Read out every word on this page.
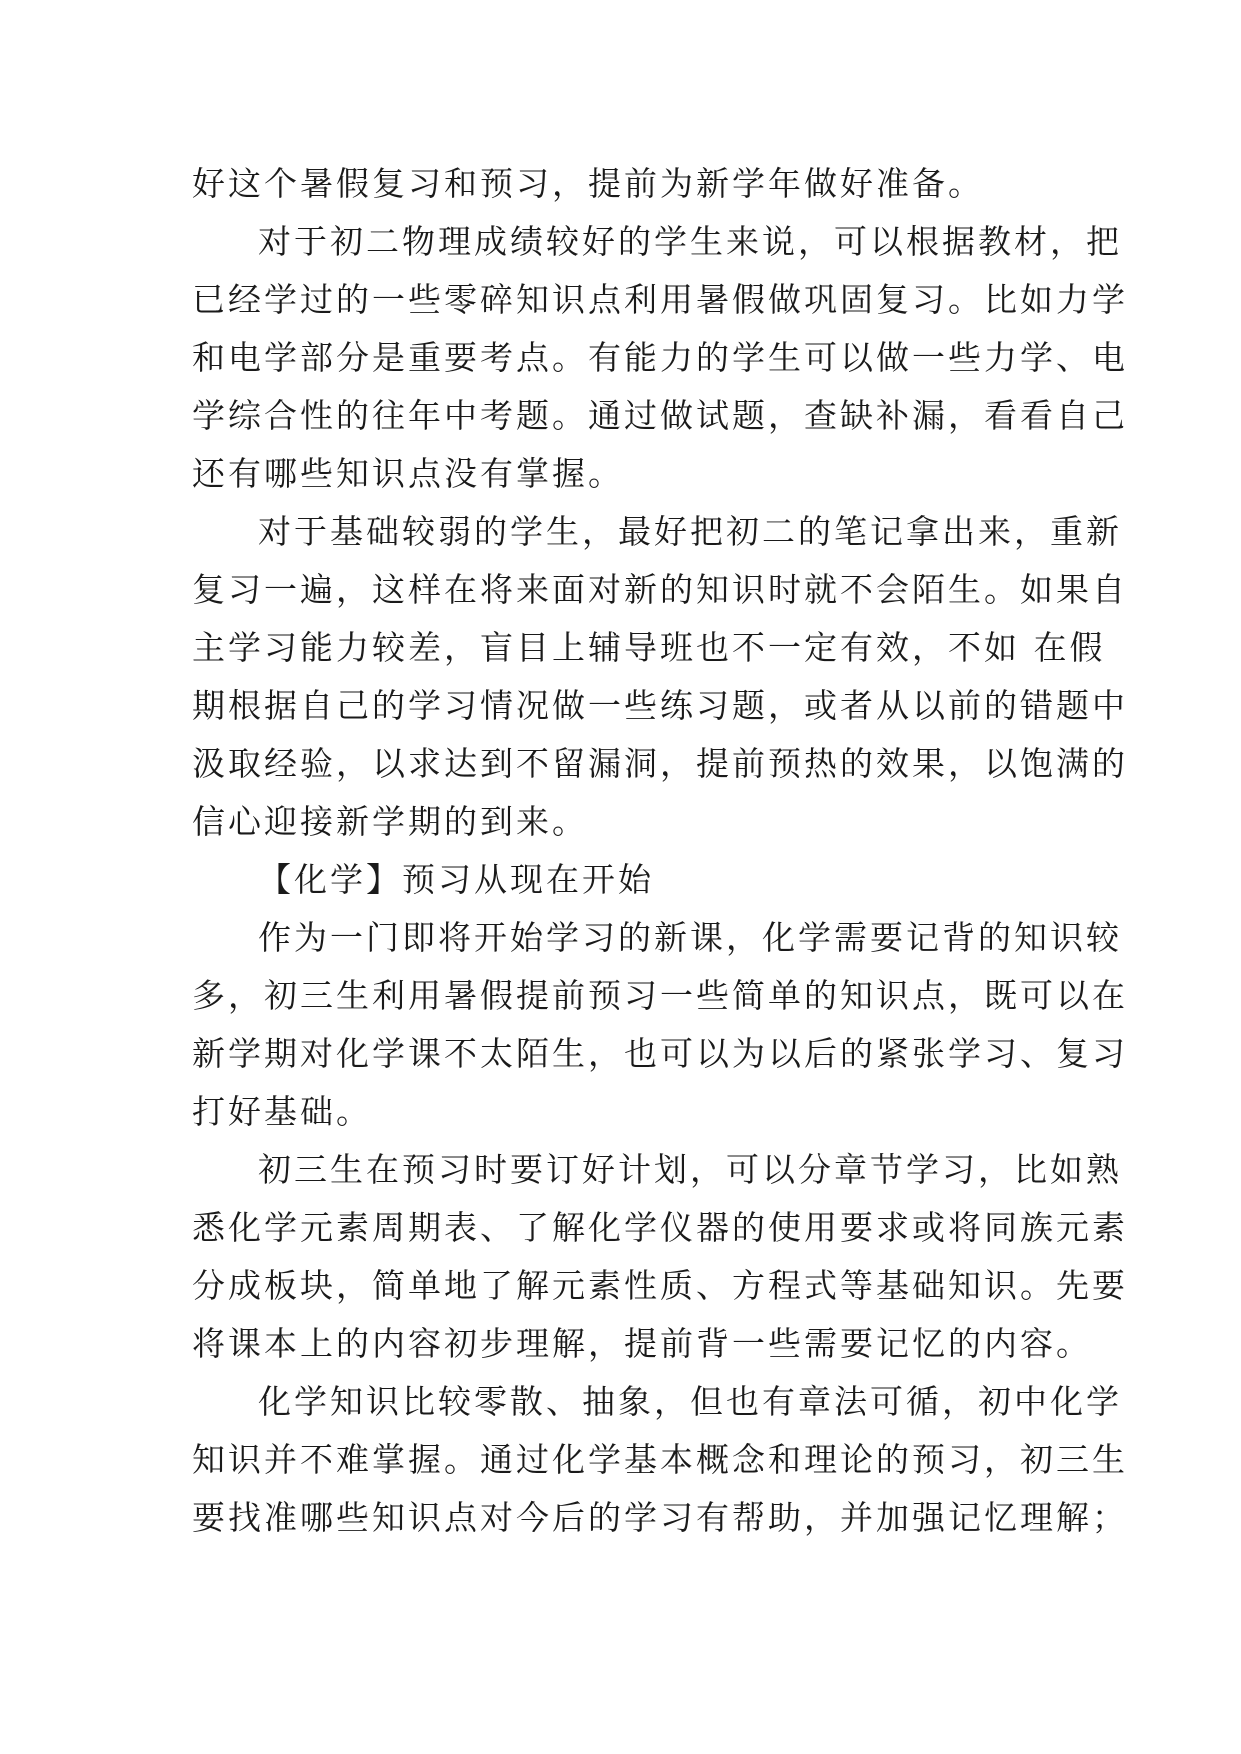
好这个暑假复习和预习，提前为新学年做好准备。
对于初二物理成绩较好的学生来说，可以根据教材，把
已经学过的一些零碎知识点利用暑假做巩固复习。比如力学
和电学部分是重要考点。有能力的学生可以做一些力学、电
学综合性的往年中考题。通过做试题，查缺补漏，看看自己
还有哪些知识点没有掌握。
对于基础较弱的学生，最好把初二的笔记拿出来，重新
复习一遍，这样在将来面对新的知识时就不会陌生。如果自
主学习能力较差，盲目上辅导班也不一定有效，不如 在假
期根据自己的学习情况做一些练习题，或者从以前的错题中
汲取经验，以求达到不留漏洞，提前预热的效果，以饱满的
信心迎接新学期的到来。
【化学】预习从现在开始
作为一门即将开始学习的新课，化学需要记背的知识较
多，初三生利用暑假提前预习一些简单的知识点，既可以在
新学期对化学课不太陌生，也可以为以后的紧张学习、复习
打好基础。
初三生在预习时要订好计划，可以分章节学习，比如熟
悉化学元素周期表、了解化学仪器的使用要求或将同族元素
分成板块，简单地了解元素性质、方程式等基础知识。先要
将课本上的内容初步理解，提前背一些需要记忆的内容。
化学知识比较零散、抽象，但也有章法可循，初中化学
知识并不难掌握。通过化学基本概念和理论的预习，初三生
要找准哪些知识点对今后的学习有帮助，并加强记忆理解；
